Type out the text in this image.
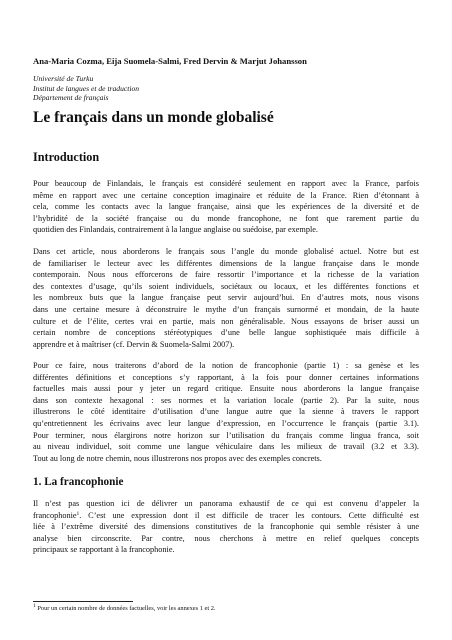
Ana-Maria Cozma, Eija Suomela-Salmi, Fred Dervin & Marjut Johansson
Université de Turku
Institut de langues et de traduction
Département de français
Le français dans un monde globalisé
Introduction
Pour beaucoup de Finlandais, le français est considéré seulement en rapport avec la France, parfois
même en rapport avec une certaine conception imaginaire et réduite de la France. Rien d’étonnant à
cela, comme les contacts avec la langue française, ainsi que les expériences de la diversité et de
l’hybridité de la société française ou du monde francophone, ne font que rarement partie du
quotidien des Finlandais, contrairement à la langue anglaise ou suédoise, par exemple.
Dans cet article, nous aborderons le français sous l’angle du monde globalisé actuel. Notre but est
de familiariser le lecteur avec les différentes dimensions de la langue française dans le monde
contemporain. Nous nous efforcerons de faire ressortir l’importance et la richesse de la variation
des contextes d’usage, qu’ils soient individuels, sociétaux ou locaux, et les différentes fonctions et
les nombreux buts que la langue française peut servir aujourd’hui. En d’autres mots, nous visons
dans une certaine mesure à déconstruire le mythe d’un français surnormé et mondain, de la haute
culture et de l’élite, certes vrai en partie, mais non généralisable. Nous essayons de briser aussi un
certain nombre de conceptions stéréotypiques d’une belle langue sophistiquée mais difficile à
apprendre et à maîtriser (cf. Dervin & Suomela-Salmi 2007).
Pour ce faire, nous traiterons d’abord de la notion de francophonie (partie 1) : sa genèse et les
différentes définitions et conceptions s’y rapportant, à la fois pour donner certaines informations
factuelles mais aussi pour y jeter un regard critique. Ensuite nous aborderons la langue française
dans son contexte hexagonal : ses normes et la variation locale (partie 2). Par la suite, nous
illustrerons le côté identitaire d’utilisation d’une langue autre que la sienne à travers le rapport
qu’entretiennent les écrivains avec leur langue d’expression, en l’occurrence le français (partie 3.1).
Pour terminer, nous élargirons notre horizon sur l’utilisation du français comme lingua franca, soit
au niveau individuel, soit comme une langue véhiculaire dans les milieux de travail (3.2 et 3.3).
Tout au long de notre chemin, nous illustrerons nos propos avec des exemples concrets.
1. La francophonie
Il n’est pas question ici de délivrer un panorama exhaustif de ce qui est convenu d’appeler la
francophonie$^1$. C’est une expression dont il est difficile de tracer les contours. Cette difficulté est
liée à l’extrême diversité des dimensions constitutives de la francophonie qui semble résister à une
analyse bien circonscrite. Par contre, nous cherchons à mettre en relief quelques concepts
principaux se rapportant à la francophonie.
$^1$ Pour un certain nombre de données factuelles, voir les annexes 1 et 2.
